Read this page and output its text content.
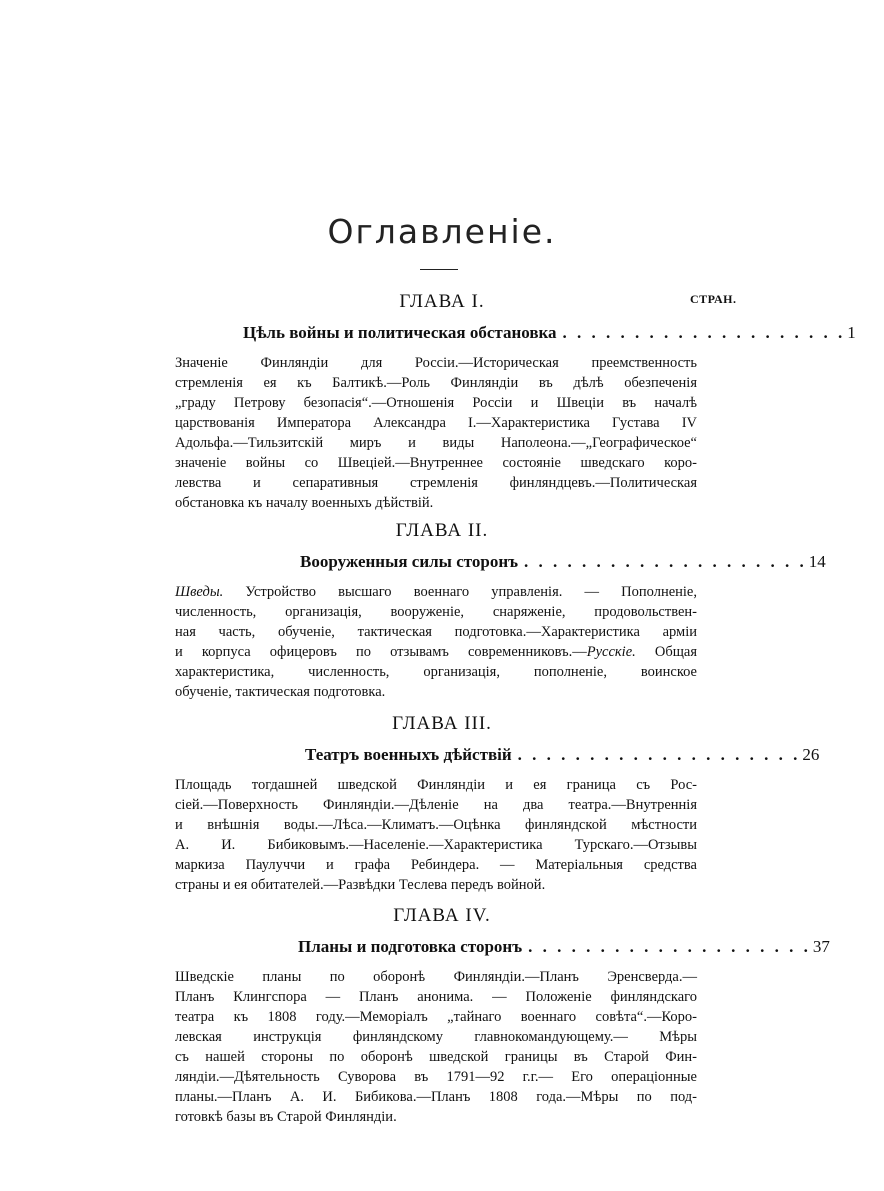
Оглавленіе.
СТРАН.
ГЛАВА I.
Цѣль войны и политическая обстановка . . . . . . . . . . . . . . . . . . . . 1
Значеніе Финляндіи для Россіи.—Историческая преемственность
стремленія ея къ Балтикѣ.—Роль Финляндіи въ дѣлѣ обезпеченія
„граду Петрову безопасія“.—Отношенія Россіи и Швеціи въ началѣ
царствованія Императора Александра I.—Характеристика Густава IV
Адольфа.—Тильзитскій миръ и виды Наполеона.—„Географическое“
значеніе войны со Швеціей.—Внутреннее состояніе шведскаго коро-
левства и сепаративныя стремленія финляндцевъ.—Политическая
обстановка къ началу военныхъ дѣйствій.
ГЛАВА II.
Вооруженныя силы сторонъ . . . . . . . . . . . . . . . . . . . . 14
Шведы. Устройство высшаго военнаго управленія. — Пополненіе,
численность, организація, вооруженіе, снаряженіе, продовольствен-
ная часть, обученіе, тактическая подготовка.—Характеристика арміи
и корпуса офицеровъ по отзывамъ современниковъ.—Русскіе. Общая
характеристика, численность, организація, пополненіе, воинское
обученіе, тактическая подготовка.
ГЛАВА III.
Театръ военныхъ дѣйствій . . . . . . . . . . . . . . . . . . . . 26
Площадь тогдашней шведской Финляндіи и ея граница съ Рос-
сіей.—Поверхность Финляндіи.—Дѣленіе на два театра.—Внутреннія
и внѣшнія воды.—Лѣса.—Климатъ.—Оцѣнка финляндской мѣстности
А. И. Бибиковымъ.—Населеніе.—Характеристика Турскаго.—Отзывы
маркиза Паулуччи и графа Ребиндера. — Матеріальныя средства
страны и ея обитателей.—Развѣдки Теслева передъ войной.
ГЛАВА IV.
Планы и подготовка сторонъ . . . . . . . . . . . . . . . . . . . . 37
Шведскіе планы по оборонѣ Финляндіи.—Планъ Эренсверда.—
Планъ Клингспора — Планъ анонима. — Положеніе финляндскаго
театра къ 1808 году.—Меморіалъ „тайнаго военнаго совѣта“.—Коро-
левская инструкція финляндскому главнокомандующему.— Мѣры
съ нашей стороны по оборонѣ шведской границы въ Старой Фин-
ляндіи.—Дѣятельность Суворова въ 1791—92 г.г.— Его операціонные
планы.—Планъ А. И. Бибикова.—Планъ 1808 года.—Мѣры по под-
готовкѣ базы въ Старой Финляндіи.
